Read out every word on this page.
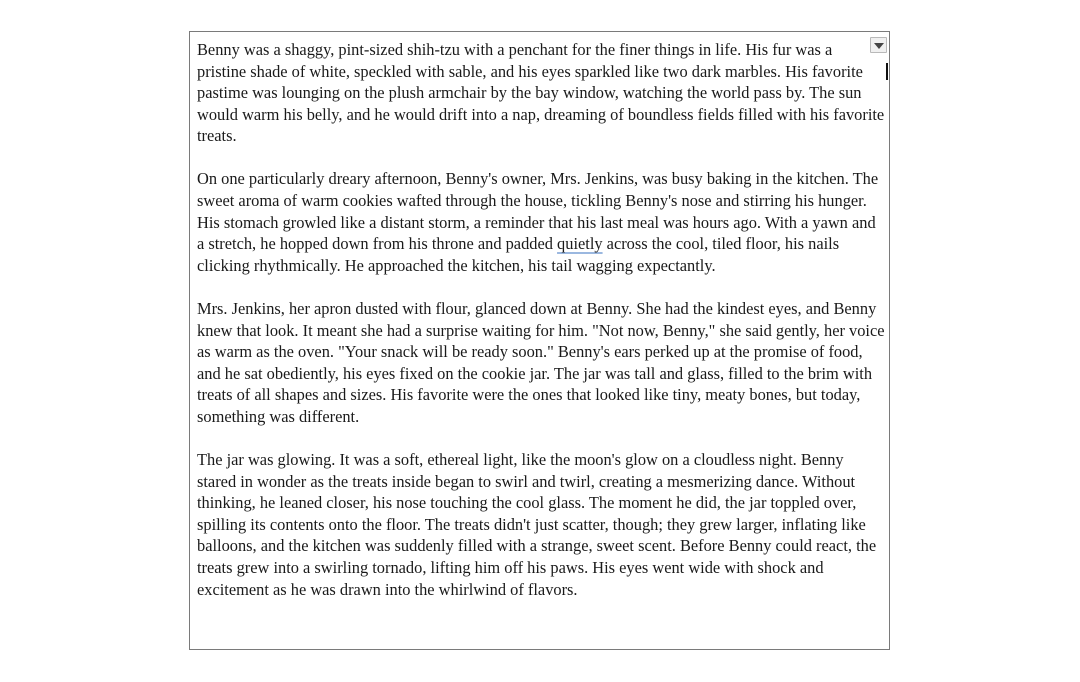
Benny was a shaggy, pint-sized shih-tzu with a penchant for the finer things in life. His fur was a pristine shade of white, speckled with sable, and his eyes sparkled like two dark marbles. His favorite pastime was lounging on the plush armchair by the bay window, watching the world pass by. The sun would warm his belly, and he would drift into a nap, dreaming of boundless fields filled with his favorite treats.

On one particularly dreary afternoon, Benny's owner, Mrs. Jenkins, was busy baking in the kitchen. The sweet aroma of warm cookies wafted through the house, tickling Benny's nose and stirring his hunger. His stomach growled like a distant storm, a reminder that his last meal was hours ago. With a yawn and a stretch, he hopped down from his throne and padded quietly across the cool, tiled floor, his nails clicking rhythmically. He approached the kitchen, his tail wagging expectantly.

Mrs. Jenkins, her apron dusted with flour, glanced down at Benny. She had the kindest eyes, and Benny knew that look. It meant she had a surprise waiting for him. "Not now, Benny," she said gently, her voice as warm as the oven. "Your snack will be ready soon." Benny's ears perked up at the promise of food, and he sat obediently, his eyes fixed on the cookie jar. The jar was tall and glass, filled to the brim with treats of all shapes and sizes. His favorite were the ones that looked like tiny, meaty bones, but today, something was different.

The jar was glowing. It was a soft, ethereal light, like the moon's glow on a cloudless night. Benny stared in wonder as the treats inside began to swirl and twirl, creating a mesmerizing dance. Without thinking, he leaned closer, his nose touching the cool glass. The moment he did, the jar toppled over, spilling its contents onto the floor. The treats didn't just scatter, though; they grew larger, inflating like balloons, and the kitchen was suddenly filled with a strange, sweet scent. Before Benny could react, the treats grew into a swirling tornado, lifting him off his paws. His eyes went wide with shock and excitement as he was drawn into the whirlwind of flavors.
